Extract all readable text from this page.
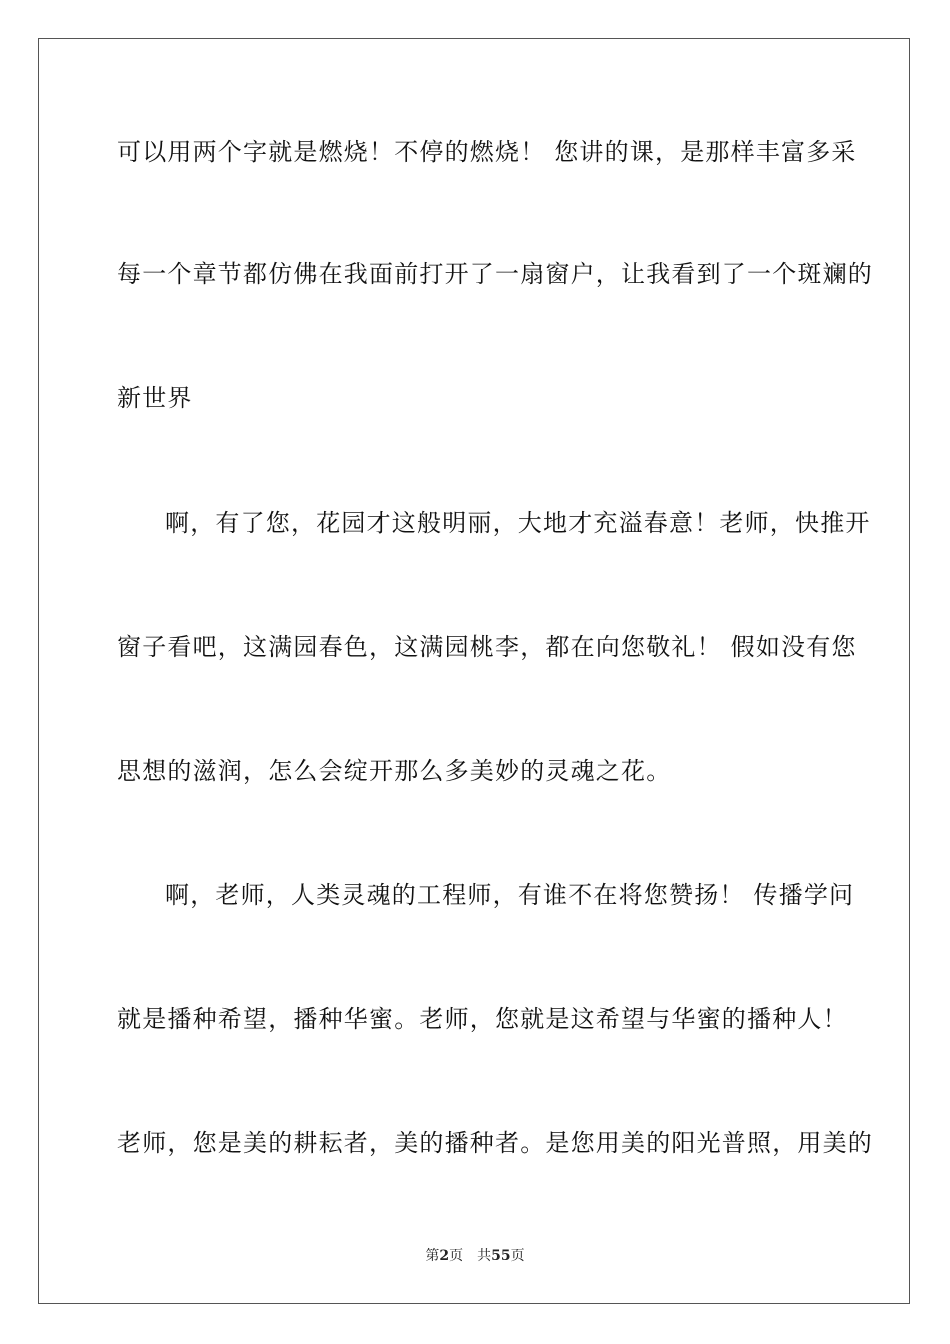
可以用两个字就是燃烧！不停的燃烧！ 您讲的课，是那样丰富多采
每一个章节都仿佛在我面前打开了一扇窗户，让我看到了一个斑斓的
新世界
啊，有了您，花园才这般明丽，大地才充溢春意！老师，快推开
窗子看吧，这满园春色，这满园桃李，都在向您敬礼！ 假如没有您
思想的滋润，怎么会绽开那么多美妙的灵魂之花。
啊，老师，人类灵魂的工程师，有谁不在将您赞扬！ 传播学问
就是播种希望，播种华蜜。老师，您就是这希望与华蜜的播种人！
老师，您是美的耕耘者，美的播种者。是您用美的阳光普照，用美的
第2页 共55页
